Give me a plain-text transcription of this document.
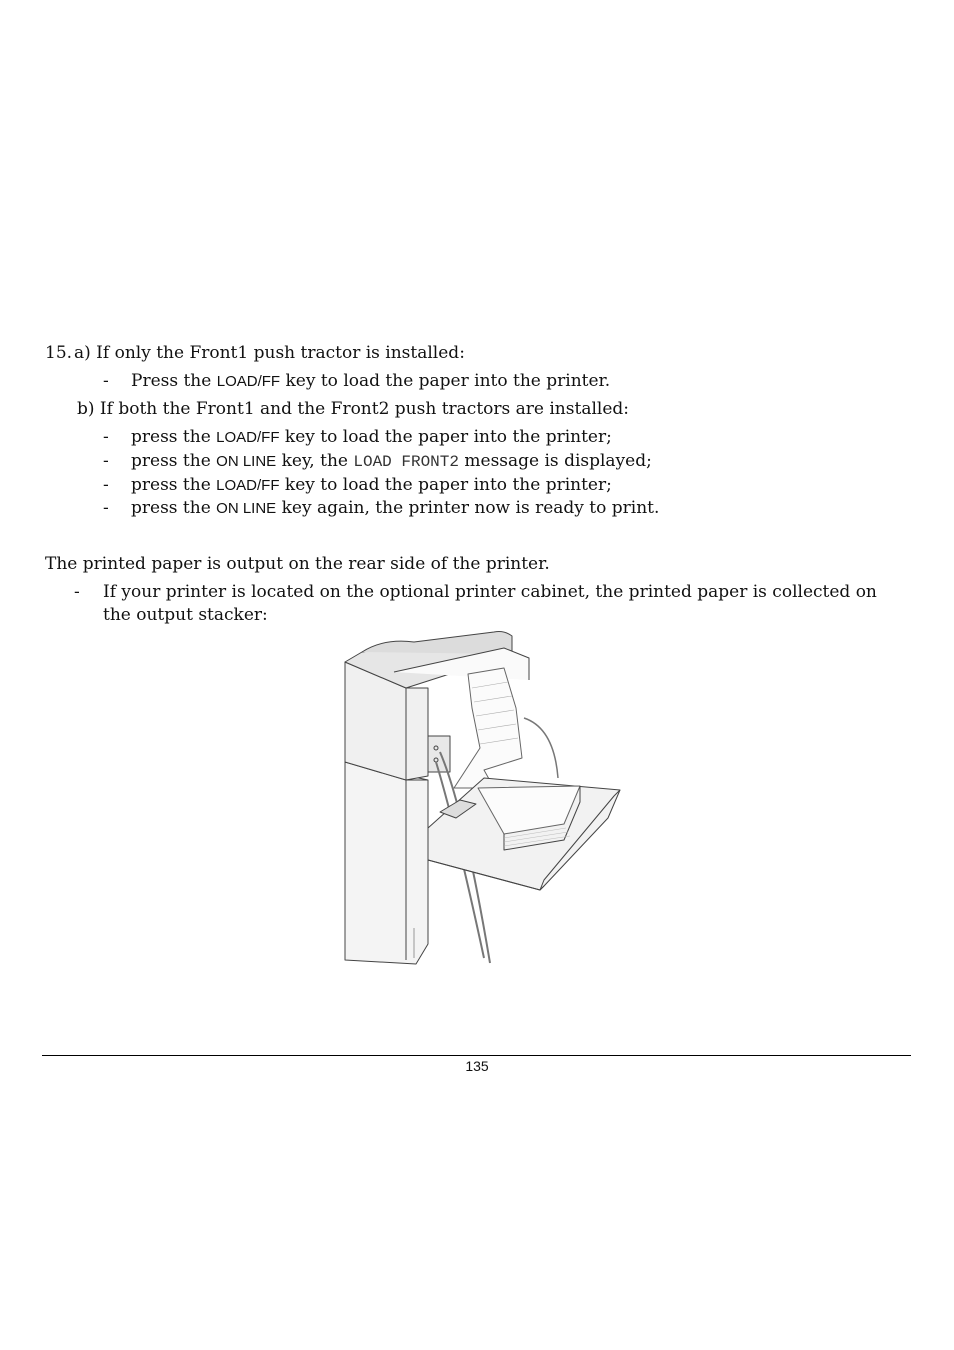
15. a) If only the Front1 push tractor is installed:
- Press the LOAD/FF key to load the paper into the printer.
b) If both the Front1 and the Front2 push tractors are installed:
- press the LOAD/FF key to load the paper into the printer;
- press the ON LINE key, the LOAD FRONT2 message is displayed;
- press the LOAD/FF key to load the paper into the printer;
- press the ON LINE key again, the printer now is ready to print.
The printed paper is output on the rear side of the printer.
- If your printer is located on the optional printer cabinet, the printed paper is collected on
the output stacker:
135
